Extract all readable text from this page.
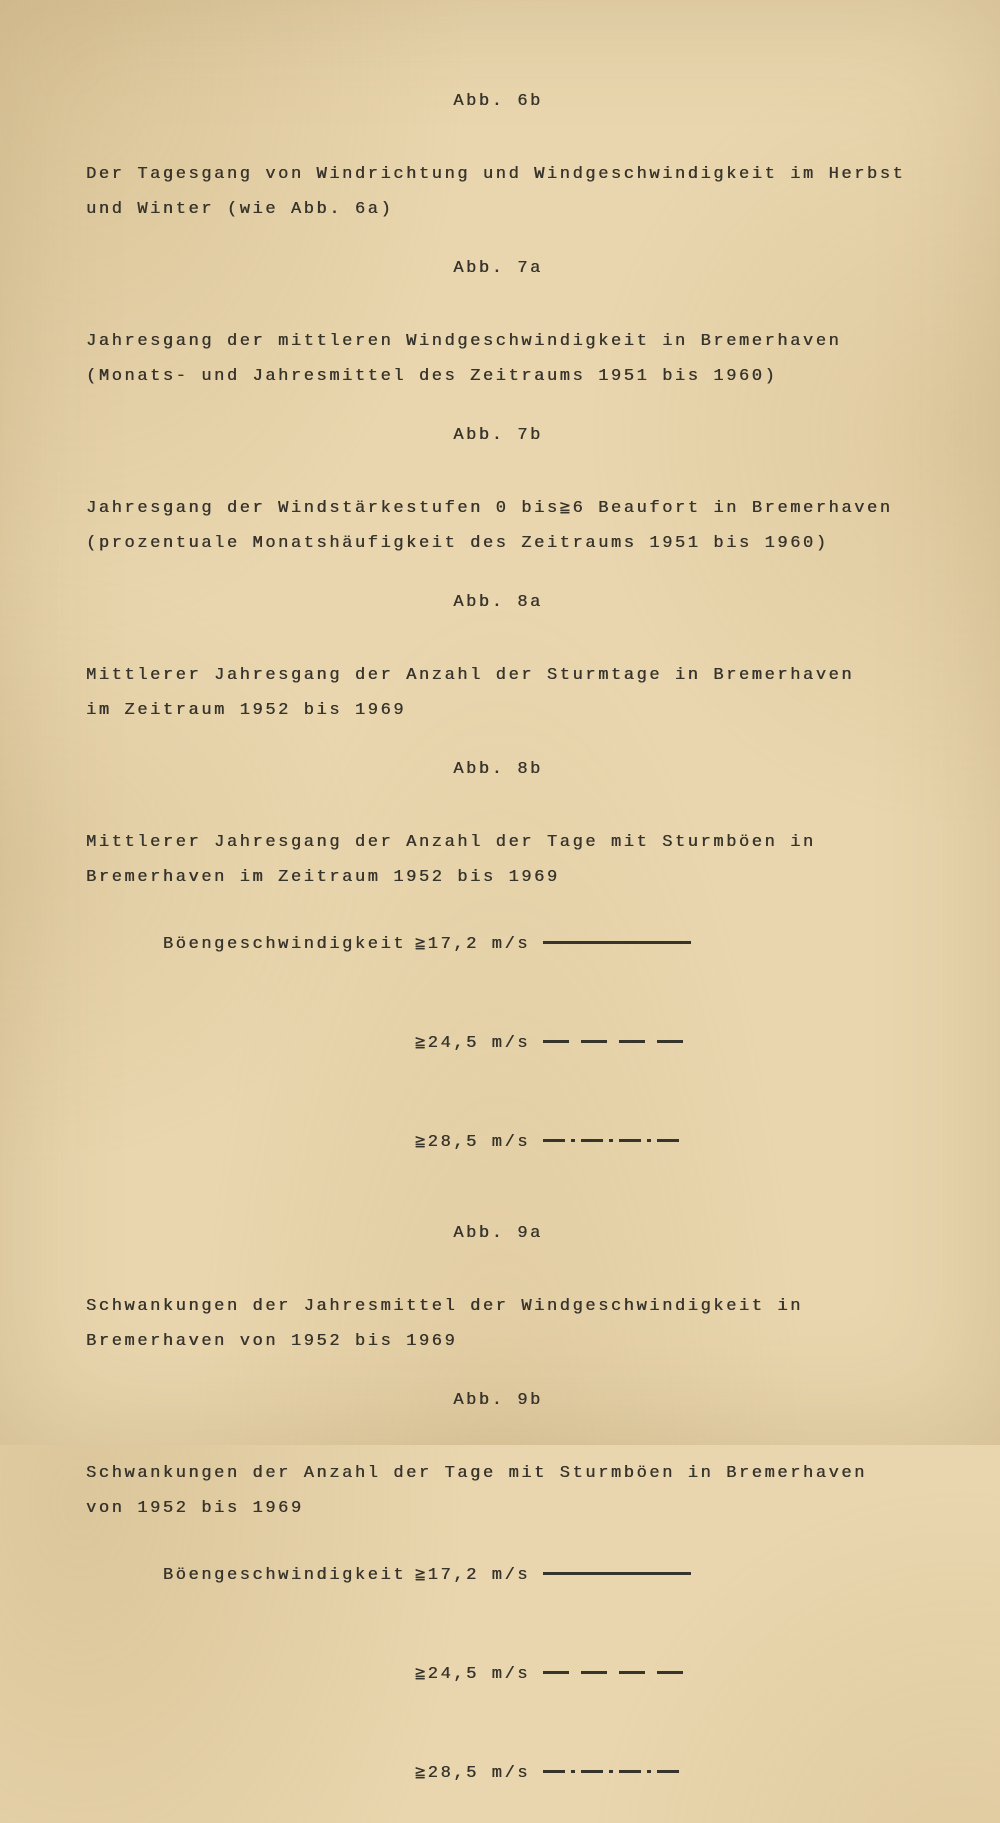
Abb. 6b

Der Tagesgang von Windrichtung und Windgeschwindigkeit im Herbst

und Winter (wie Abb. 6a)

Abb. 7a

Jahresgang der mittleren Windgeschwindigkeit in Bremerhaven

(Monats- und Jahresmittel des Zeitraums 1951 bis 1960)

Abb. 7b

Jahresgang der Windstärkestufen 0 bis≧6 Beaufort in Bremerhaven

(prozentuale Monatshäufigkeit des Zeitraums 1951 bis 1960)

Abb. 8a

Mittlerer Jahresgang der Anzahl der Sturmtage in Bremerhaven

im Zeitraum 1952 bis 1969

Abb. 8b

Mittlerer Jahresgang der Anzahl der Tage mit Sturmböen in

Bremerhaven im Zeitraum 1952 bis 1969

Böengeschwindigkeit ≧17,2 m/s

≧24,5 m/s

≧28,5 m/s

Abb. 9a

Schwankungen der Jahresmittel der Windgeschwindigkeit in

Bremerhaven von 1952 bis 1969

Abb. 9b

Schwankungen der Anzahl der Tage mit Sturmböen in Bremerhaven

von 1952 bis 1969

Böengeschwindigkeit ≧17,2 m/s

≧24,5 m/s

≧28,5 m/s
